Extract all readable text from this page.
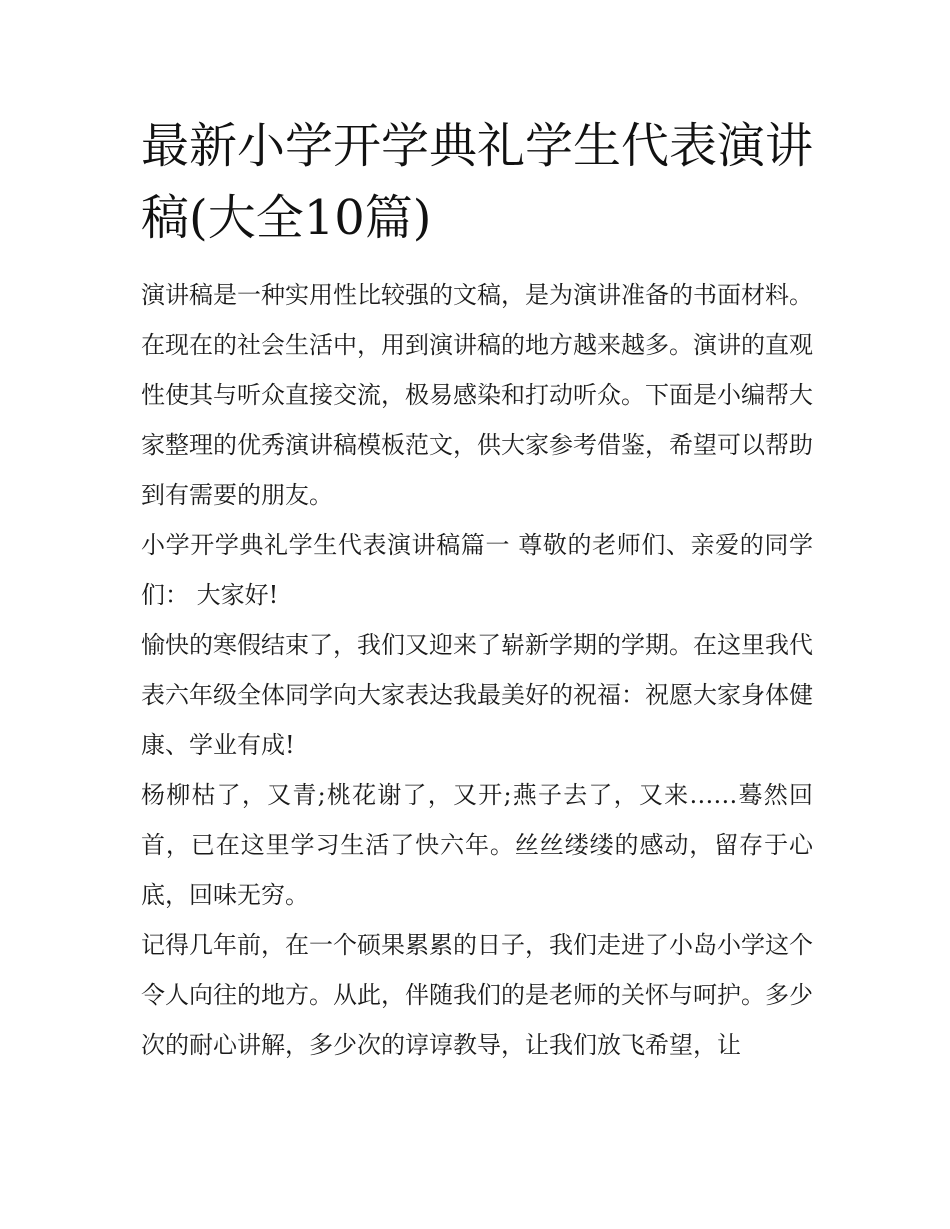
最新小学开学典礼学生代表演讲稿(大全10篇)

演讲稿是一种实用性比较强的文稿，是为演讲准备的书面材料。在现在的社会生活中，用到演讲稿的地方越来越多。演讲的直观性使其与听众直接交流，极易感染和打动听众。下面是小编帮大家整理的优秀演讲稿模板范文，供大家参考借鉴，希望可以帮助到有需要的朋友。

小学开学典礼学生代表演讲稿篇一 尊敬的老师们、亲爱的同学们： 大家好!

愉快的寒假结束了，我们又迎来了崭新学期的学期。在这里我代表六年级全体同学向大家表达我最美好的祝福：祝愿大家身体健康、学业有成!

杨柳枯了，又青;桃花谢了，又开;燕子去了，又来……蓦然回首，已在这里学习生活了快六年。丝丝缕缕的感动，留存于心底，回味无穷。

记得几年前，在一个硕果累累的日子，我们走进了小岛小学这个令人向往的地方。从此，伴随我们的是老师的关怀与呵护。多少次的耐心讲解，多少次的谆谆教导，让我们放飞希望，让
